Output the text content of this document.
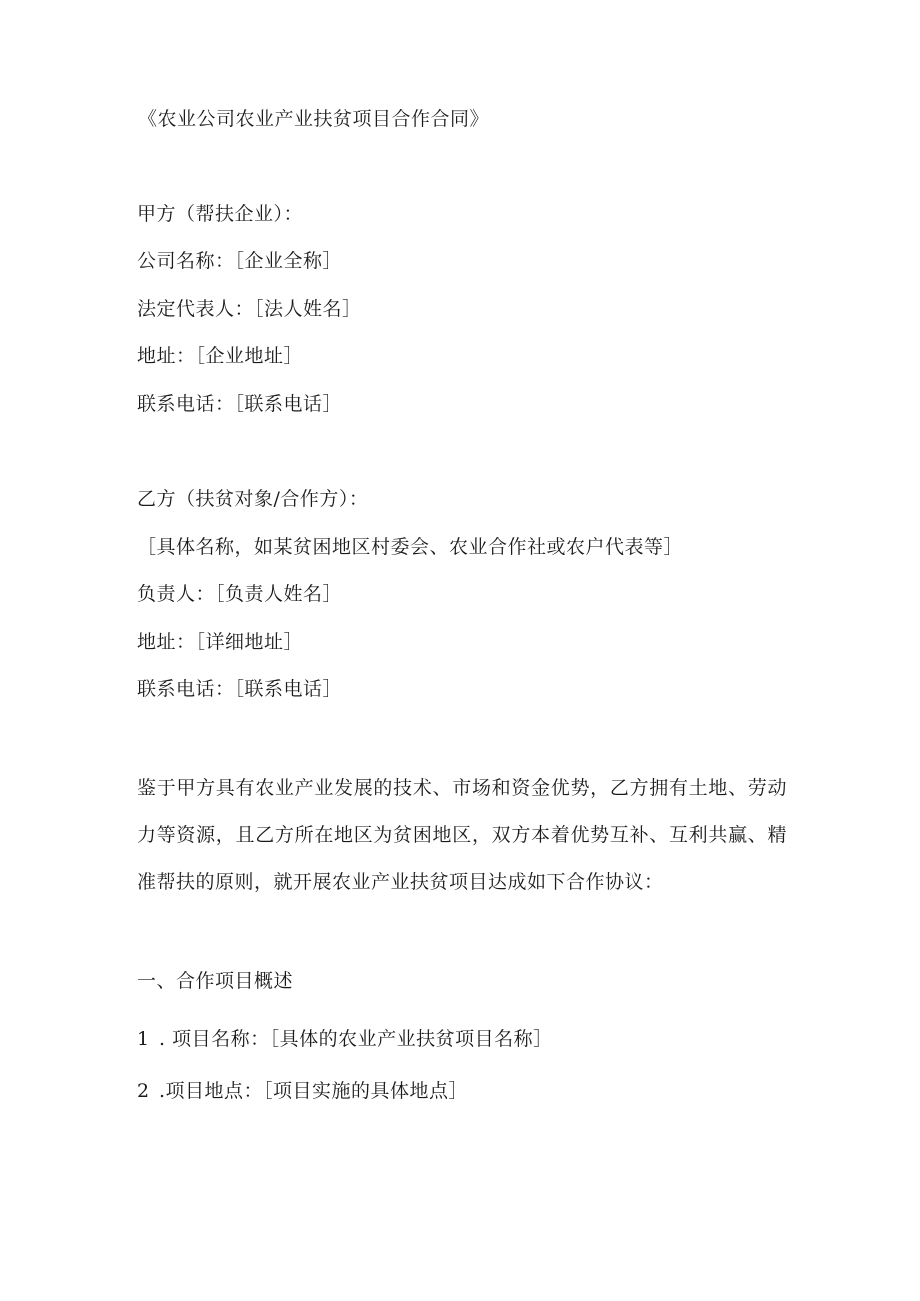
《农业公司农业产业扶贫项目合作合同》
甲方（帮扶企业）：
公司名称：［企业全称］
法定代表人：［法人姓名］
地址：［企业地址］
联系电话：［联系电话］
乙方（扶贫对象/合作方）：
［具体名称，如某贫困地区村委会、农业合作社或农户代表等］
负责人：［负责人姓名］
地址：［详细地址］
联系电话：［联系电话］
鉴于甲方具有农业产业发展的技术、市场和资金优势，乙方拥有土地、劳动力等资源，且乙方所在地区为贫困地区，双方本着优势互补、互利共赢、精准帮扶的原则，就开展农业产业扶贫项目达成如下合作协议：
一、合作项目概述
1 . 项目名称：［具体的农业产业扶贫项目名称］
2 .项目地点：［项目实施的具体地点］
